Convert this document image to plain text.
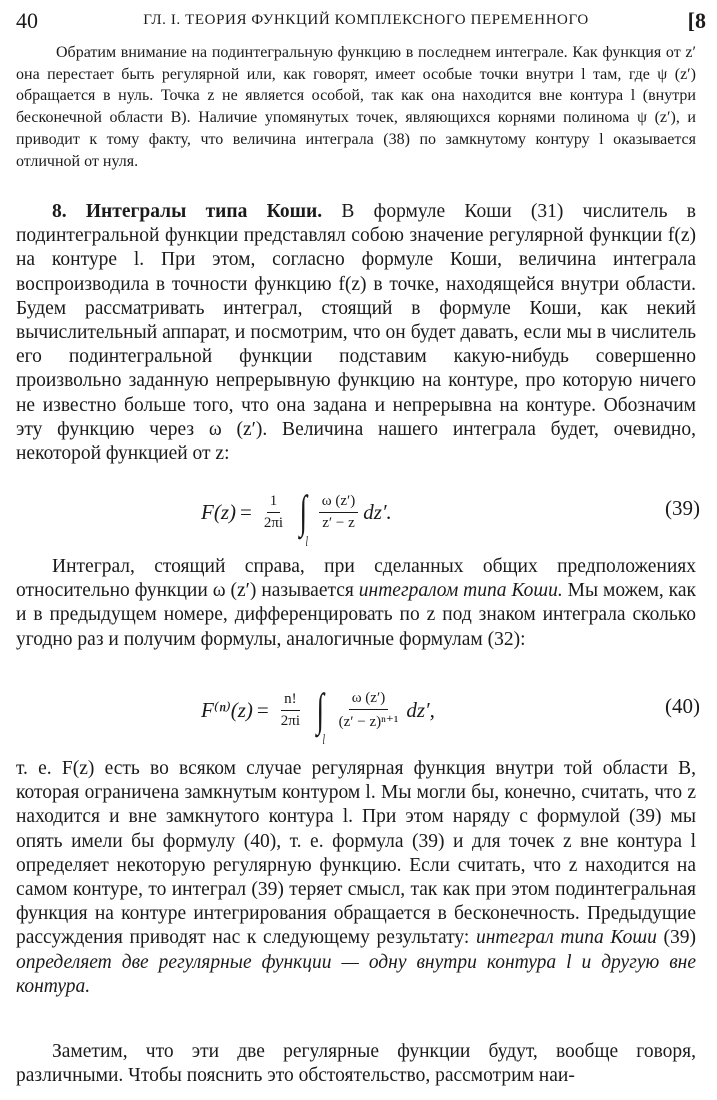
40	ГЛ. I. ТЕОРИЯ ФУНКЦИЙ КОМПЛЕКСНОГО ПЕРЕМЕННОГО	[8

Обратим внимание на подинтегральную функцию в последнем интеграле. Как функция от z′ она перестает быть регулярной или, как говорят, имеет особые точки внутри l там, где ψ (z′) обращается в нуль. Точка z не является особой, так как она находится вне контура l (внутри бесконечной области B). Наличие упомянутых точек, являющихся корнями полинома ψ (z′), и приводит к тому факту, что величина интеграла (38) по замкнутому контуру l оказывается отличной от нуля.

8. Интегралы типа Коши. В формуле Коши (31) числитель в подинтегральной функции представлял собою значение регулярной функции f(z) на контуре l. При этом, согласно формуле Коши, величина интеграла воспроизводила в точности функцию f(z) в точке, находящейся внутри области. Будем рассматривать интеграл, стоящий в формуле Коши, как некий вычислительный аппарат, и посмотрим, что он будет давать, если мы в числитель его подинтегральной функции подставим какую-нибудь совершенно произвольно заданную непрерывную функцию на контуре, про которую ничего не известно больше того, что она задана и непрерывна на контуре. Обозначим эту функцию через ω (z′). Величина нашего интеграла будет, очевидно, некоторой функцией от z:

$F(z) = \frac{1}{2\pi i}$ ∫
l
$\frac{\omega (z')}{z' - z} dz'$.	(39)

Интеграл, стоящий справа, при сделанных общих предположениях относительно функции ω (z′) называется интегралом типа Коши. Мы можем, как и в предыдущем номере, дифференцировать по z под знаком интеграла сколько угодно раз и получим формулы, аналогичные формулам (32):

$F^{(n)}(z) = \frac{n!}{2\pi i}$ ∫
l
$\frac{\omega (z')}{\text{(z′ − z)ⁿ⁺¹}} dz'$,	(40)

т. е. F(z) есть во всяком случае регулярная функция внутри той области B, которая ограничена замкнутым контуром l. Мы могли бы, конечно, считать, что z находится и вне замкнутого контура l. При этом наряду с формулой (39) мы опять имели бы формулу (40), т. е. формула (39) и для точек z вне контура l определяет некоторую регулярную функцию. Если считать, что z находится на самом контуре, то интеграл (39) теряет смысл, так как при этом подинтегральная функция на контуре интегрирования обращается в бесконечность. Предыдущие рассуждения приводят нас к следующему результату: интеграл типа Коши (39) определяет две регулярные функции — одну внутри контура l и другую вне контура.

Заметим, что эти две регулярные функции будут, вообще говоря, различными. Чтобы пояснить это обстоятельство, рассмотрим наи-
